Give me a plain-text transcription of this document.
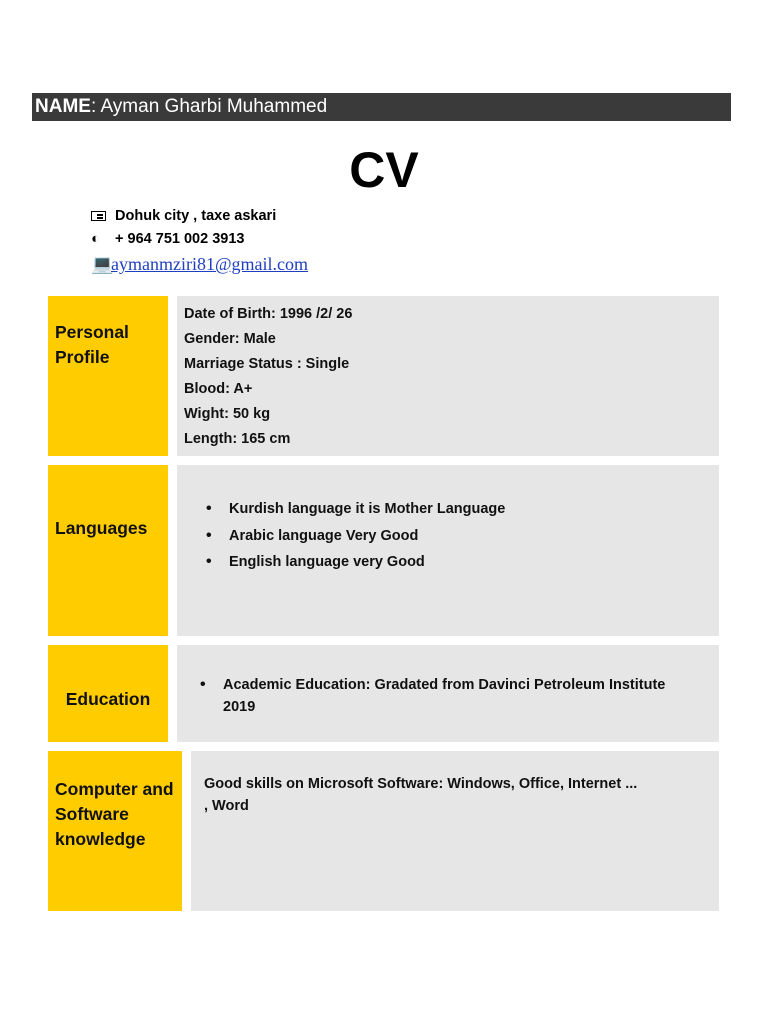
NAME: Ayman Gharbi Muhammed
CV
Dohuk city , taxe askari
◐ + 964 751 002 3913
💻aymanmziri81@gmail.com
Personal
Profile
Date of Birth: 1996 /2/ 26
Gender: Male
Marriage Status : Single
Blood: A+
Wight: 50 kg
Length: 165 cm
Languages
• Kurdish language it is Mother Language
• Arabic language Very Good
• English language very Good
Education
• Academic Education: Gradated from Davinci Petroleum Institute
2019
Computer and
Software
knowledge
Good skills on Microsoft Software: Windows, Office, Internet ...
, Word
